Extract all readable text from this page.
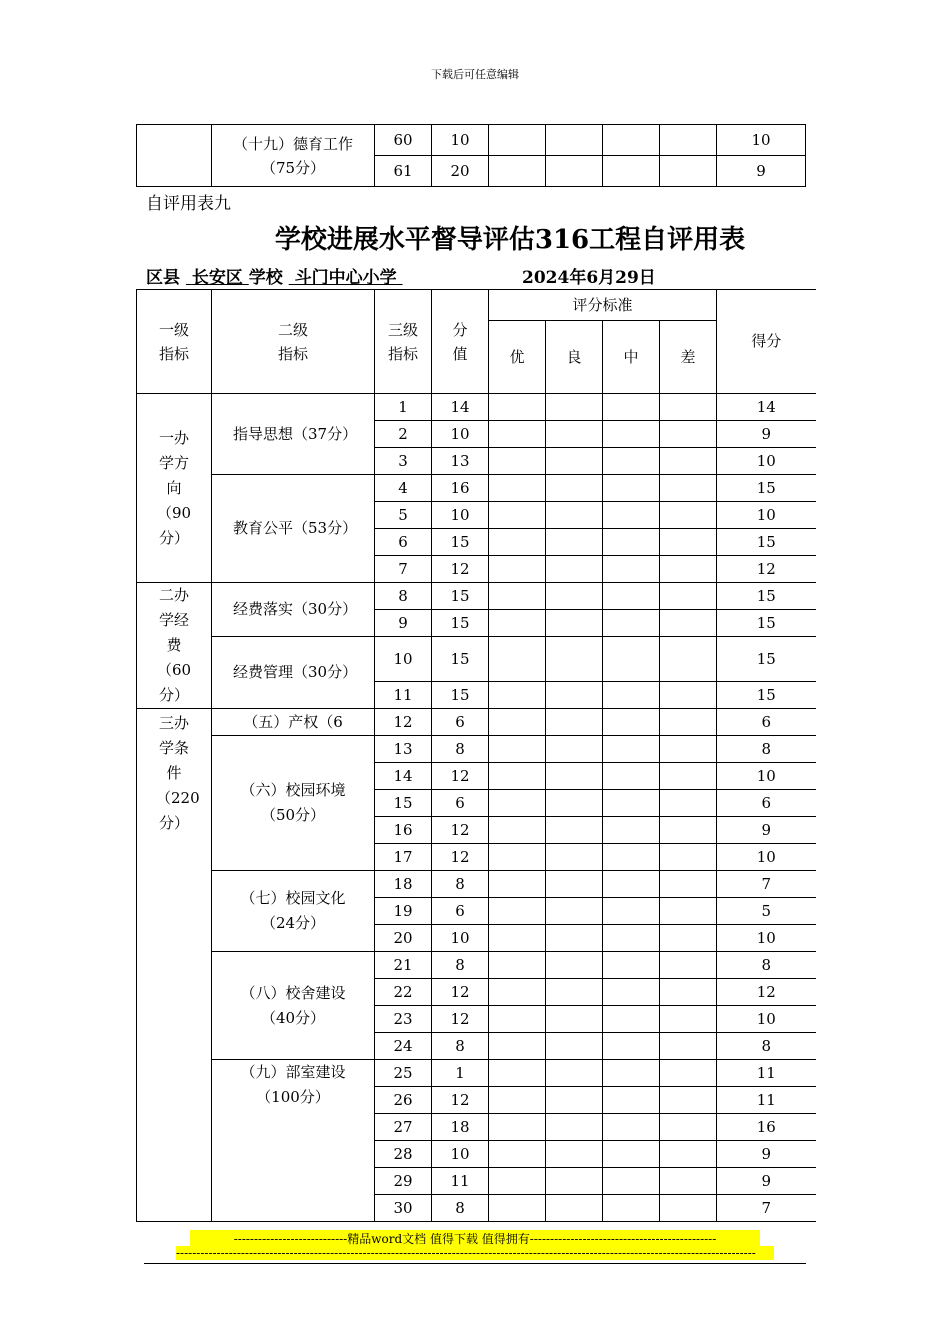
下载后可任意编辑

	（十九）德育工作（75分）	60	10					10
		61	20					9
自评用表九
学校进展水平督导评估316工程自评用表
区县 长安区 学校 斗门中心小学	2024年6月29日
一级指标	二级指标	三级指标	分值	评分标准				得分
				优	良	中	差	

一办学方向（90分）	指导思想（37分）	1	14					14
		2	10					9
		3	13					10

	教育公平（53分）	4	16					15
		5	10					10
		6	15					15
		7	12					12

二办学经费（60分）	经费落实（30分）	8	15					15
		9	15					15

	经费管理（30分）	10	15					15
		11	15					15

三办学条件（220分）	（五）产权（6	12	6					6

	（六）校园环境（50分）	13	8					8
		14	12					10
		15	6					6
		16	12					9
		17	12					10

	（七）校园文化（24分）	18	8					7
		19	6					5
		20	10					10

	（八）校舍建设（40分）	21	8					8
		22	12					12
		23	12					10
		24	8					8

	（九）部室建设（100分）	25	1					11
		26	12					11
		27	18					16
		28	10					9
		29	11					9
		30	8					7
----------------------------精品word文档 值得下载 值得拥有----------------------------------------------
-----------------------------------------------------------------------------------------------------------------------------------------------
